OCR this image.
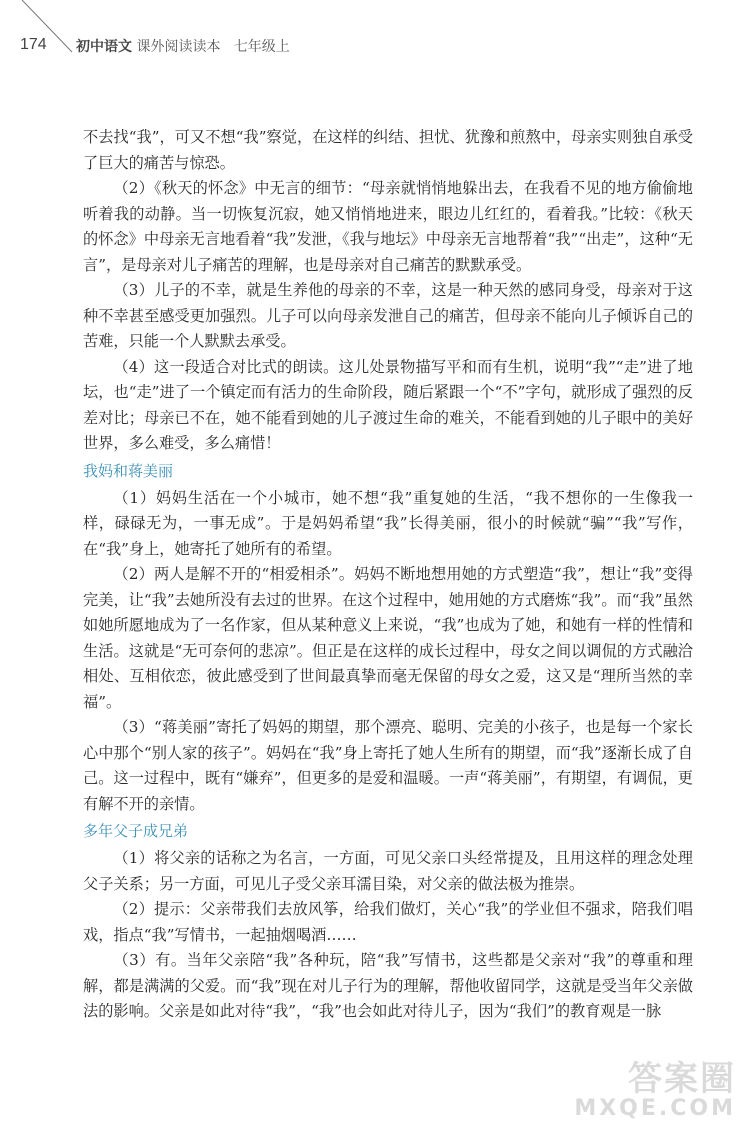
174 初中语文 课外阅读读本 七年级上

不去找“我”，可又不想“我”察觉，在这样的纠结、担忧、犹豫和煎熬中，母亲实则独自承受了巨大的痛苦与惊恐。

（2）《秋天的怀念》中无言的细节：“母亲就悄悄地躲出去，在我看不见的地方偷偷地听着我的动静。当一切恢复沉寂，她又悄悄地进来，眼边儿红红的，看着我。”比较：《秋天的怀念》中母亲无言地看着“我”发泄，《我与地坛》中母亲无言地帮着“我”“出走”，这种“无言”，是母亲对儿子痛苦的理解，也是母亲对自己痛苦的默默承受。

（3）儿子的不幸，就是生养他的母亲的不幸，这是一种天然的感同身受，母亲对于这种不幸甚至感受更加强烈。儿子可以向母亲发泄自己的痛苦，但母亲不能向儿子倾诉自己的苦难，只能一个人默默去承受。

（4）这一段适合对比式的朗读。这儿处景物描写平和而有生机，说明“我”“走”进了地坛，也“走”进了一个镇定而有活力的生命阶段，随后紧跟一个“不”字句，就形成了强烈的反差对比；母亲已不在，她不能看到她的儿子渡过生命的难关，不能看到她的儿子眼中的美好世界，多么难受，多么痛惜！

我妈和蒋美丽

（1）妈妈生活在一个小城市，她不想“我”重复她的生活，“我不想你的一生像我一样，碌碌无为，一事无成”。于是妈妈希望“我”长得美丽，很小的时候就“骗”“我”写作，在“我”身上，她寄托了她所有的希望。

（2）两人是解不开的“相爱相杀”。妈妈不断地想用她的方式塑造“我”，想让“我”变得完美，让“我”去她所没有去过的世界。在这个过程中，她用她的方式磨炼“我”。而“我”虽然如她所愿地成为了一名作家，但从某种意义上来说，“我”也成为了她，和她有一样的性情和生活。这就是“无可奈何的悲凉”。但正是在这样的成长过程中，母女之间以调侃的方式融洽相处、互相依恋，彼此感受到了世间最真挚而毫无保留的母女之爱，这又是“理所当然的幸福”。

（3）“蒋美丽”寄托了妈妈的期望，那个漂亮、聪明、完美的小孩子，也是每一个家长心中那个“别人家的孩子”。妈妈在“我”身上寄托了她人生所有的期望，而“我”逐渐长成了自己。这一过程中，既有“嫌弃”，但更多的是爱和温暖。一声“蒋美丽”，有期望，有调侃，更有解不开的亲情。

多年父子成兄弟

（1）将父亲的话称之为名言，一方面，可见父亲口头经常提及，且用这样的理念处理父子关系；另一方面，可见儿子受父亲耳濡目染，对父亲的做法极为推崇。

（2）提示：父亲带我们去放风筝，给我们做灯，关心“我”的学业但不强求，陪我们唱戏，指点“我”写情书，一起抽烟喝酒……

（3）有。当年父亲陪“我”各种玩，陪“我”写情书，这些都是父亲对“我”的尊重和理解，都是满满的父爱。而“我”现在对儿子行为的理解，帮他收留同学，这就是受当年父亲做法的影响。父亲是如此对待“我”，“我”也会如此对待儿子，因为“我们”的教育观是一脉

答案圈
MXQE.COM
